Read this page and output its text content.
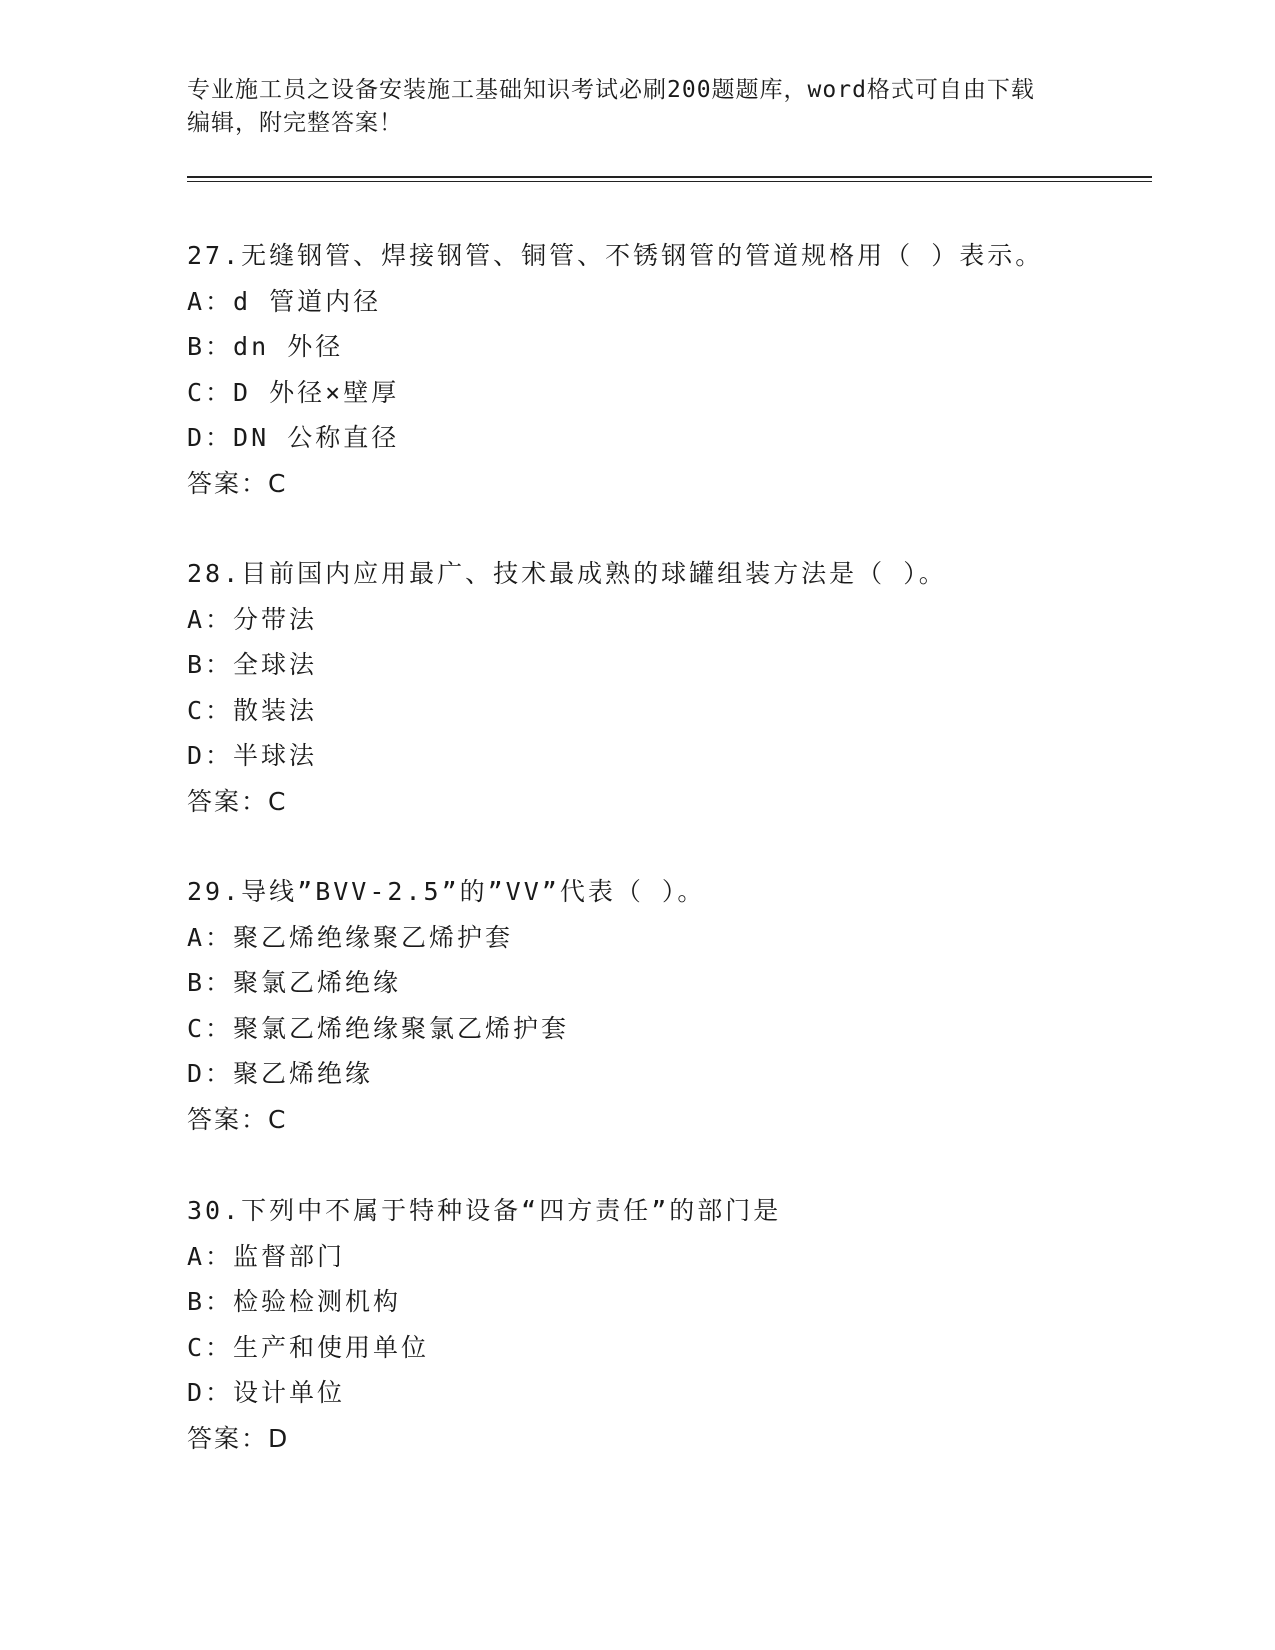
专业施工员之设备安装施工基础知识考试必刷200题题库，word格式可自由下载
编辑，附完整答案！
27.无缝钢管、焊接钢管、铜管、不锈钢管的管道规格用（ ）表示。
A：d 管道内径
B：dn 外径
C：D 外径×壁厚
D：DN 公称直径
答案：C
28.目前国内应用最广、技术最成熟的球罐组装方法是（ ）。
A：分带法
B：全球法
C：散装法
D：半球法
答案：C
29.导线”BVV-2.5”的”VV”代表（ ）。
A：聚乙烯绝缘聚乙烯护套
B：聚氯乙烯绝缘
C：聚氯乙烯绝缘聚氯乙烯护套
D：聚乙烯绝缘
答案：C
30.下列中不属于特种设备“四方责任”的部门是
A：监督部门
B：检验检测机构
C：生产和使用单位
D：设计单位
答案：D
